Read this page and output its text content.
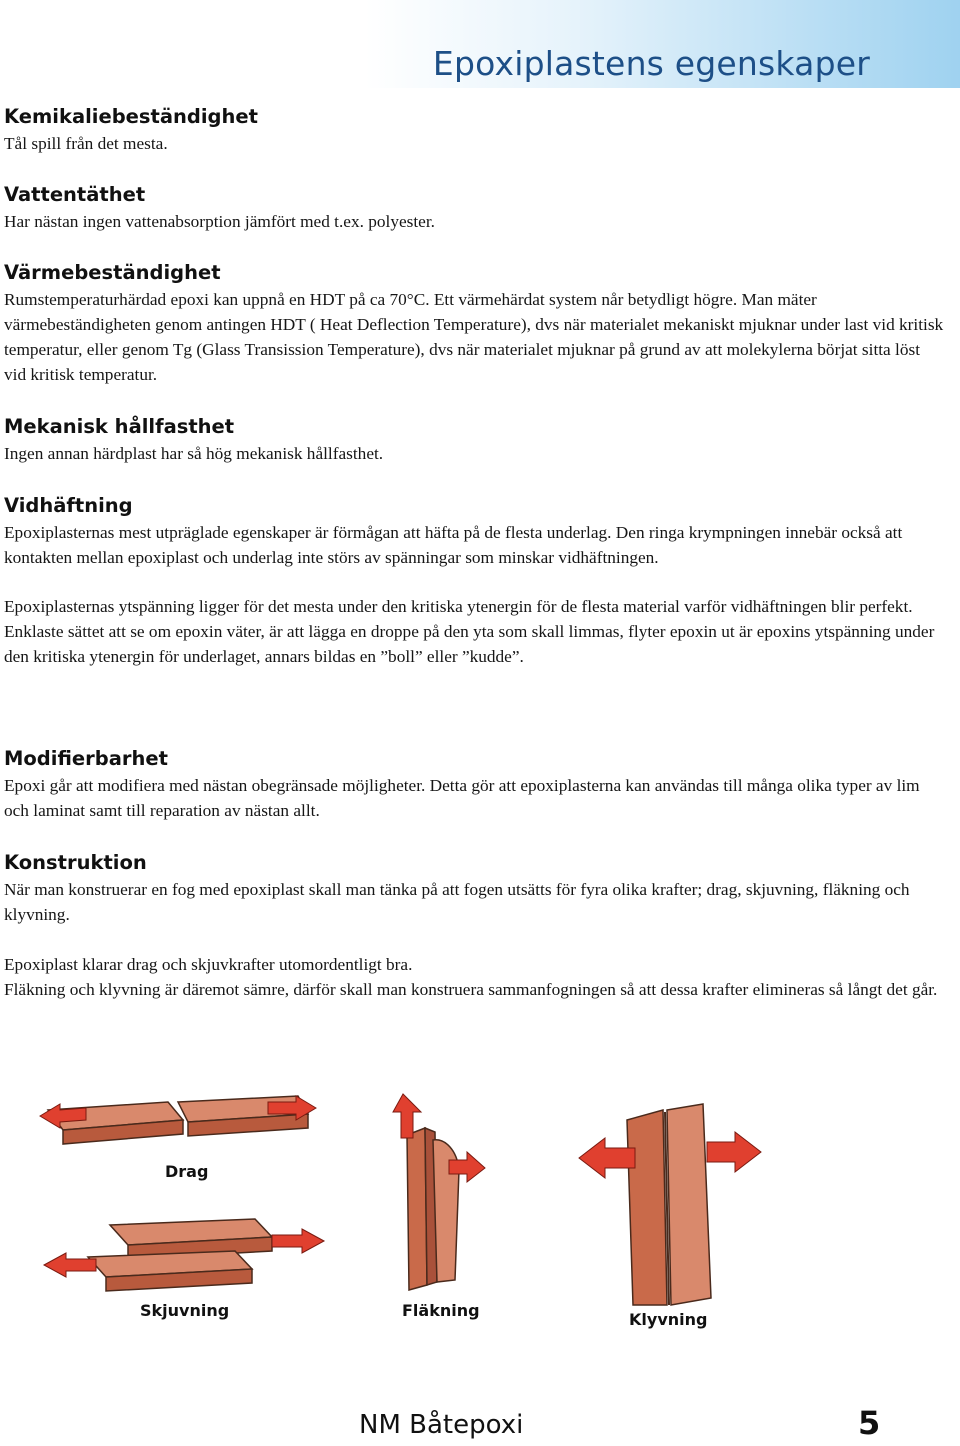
Epoxiplastens egenskaper
Kemikaliebeständighet

Tål spill från det mesta.

Vattentäthet

Har nästan ingen vattenabsorption jämfört med t.ex. polyester.

Värmebeständighet

Rumstemperaturhärdad epoxi kan uppnå en HDT på ca 70°C. Ett värmehärdat system når betydligt högre. Man mäter värmebeständigheten genom antingen HDT ( Heat Deflection Temperature), dvs när materialet mekaniskt mjuknar under last vid kritisk temperatur, eller genom Tg (Glass Transission Temperature), dvs när materialet mjuknar på grund av att molekylerna börjat sitta löst vid kritisk temperatur.

Mekanisk hållfasthet

Ingen annan härdplast har så hög mekanisk hållfasthet.

Vidhäftning

Epoxiplasternas mest utpräglade egenskaper är förmågan att häfta på de flesta underlag. Den ringa krympningen innebär också att kontakten mellan epoxiplast och underlag inte störs av spänningar som minskar vidhäftningen.

Epoxiplasternas ytspänning ligger för det mesta under den kritiska ytenergin för de flesta material varför vidhäftningen blir perfekt. Enklaste sättet att se om epoxin väter, är att lägga en droppe på den yta som skall limmas, flyter epoxin ut är epoxins ytspänning under den kritiska ytenergin för underlaget, annars bildas en ”boll” eller ”kudde”.

Modifierbarhet

Epoxi går att modifiera med nästan obegränsade möjligheter. Detta gör att epoxiplasterna kan användas till många olika typer av lim och laminat samt till reparation av nästan allt.

Konstruktion

När man konstruerar en fog med epoxiplast skall man tänka på att fogen utsätts för fyra olika krafter; drag, skjuvning, fläkning och klyvning.

Epoxiplast klarar drag och skjuvkrafter utomordentligt bra.

Fläkning och klyvning är däremot sämre, därför skall man konstruera sammanfogningen så att dessa krafter elimineras så långt det går.

Drag
Skjuvning	Fläkning	Klyvning
NM Båtepoxi	5
